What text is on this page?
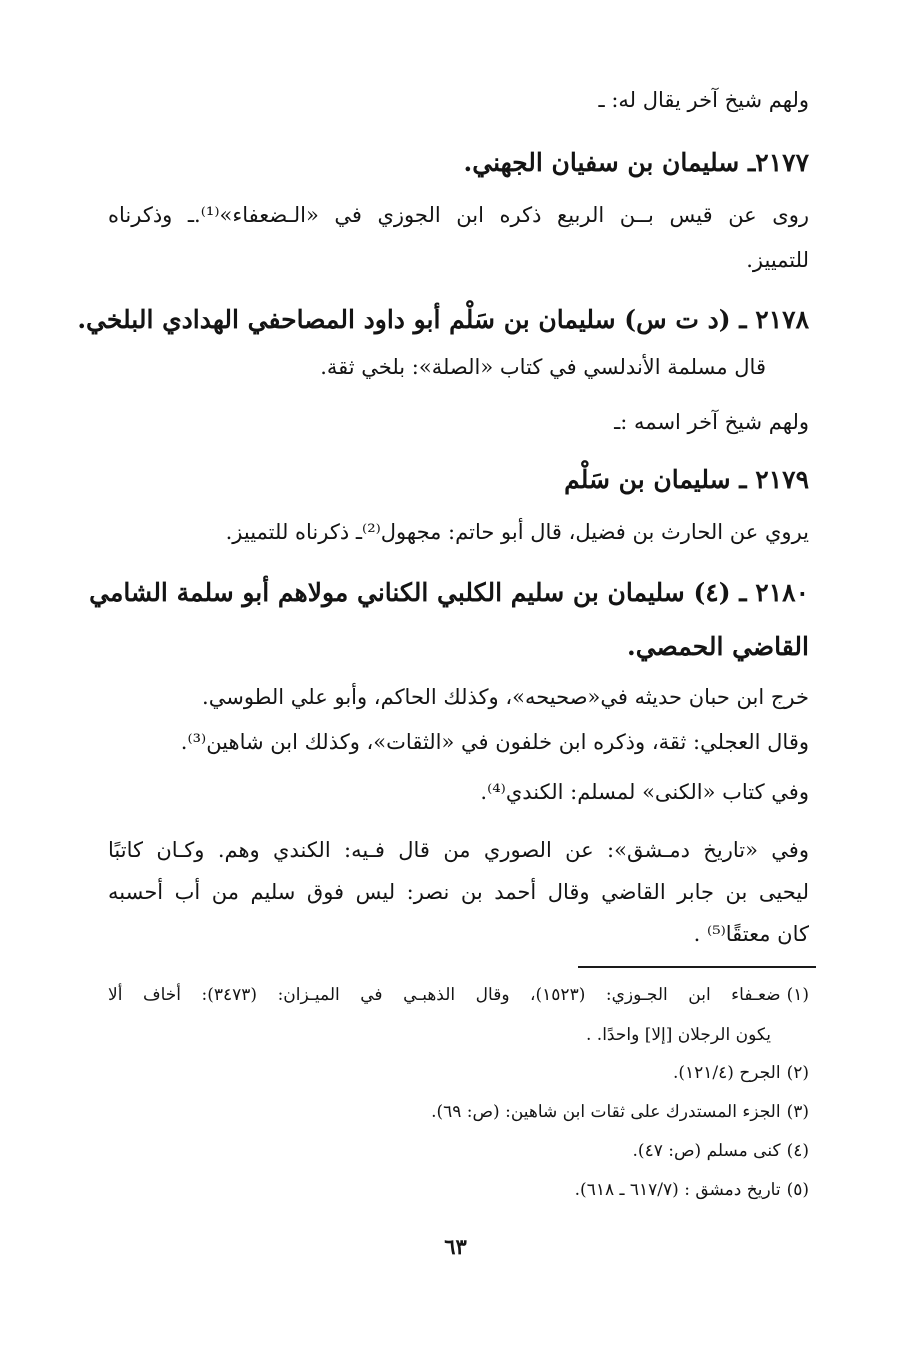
ولهم شيخ آخر يقال له: ـ
٢١٧٧ـ سليمان بن سفيان الجهني.
روى عن قيس بــن الربيع ذكره ابن الجوزي في «الـضعفاء»⁽¹⁾.ـ وذكرناه
للتمييز.
٢١٧٨ ـ (د ت س) سليمان بن سَلْم أبو داود المصاحفي الهدادي البلخي.
قال مسلمة الأندلسي في كتاب «الصلة»: بلخي ثقة.
ولهم شيخ آخر اسمه :ـ
٢١٧٩ ـ سليمان بن سَلْم
يروي عن الحارث بن فضيل، قال أبو حاتم: مجهول⁽²⁾ـ ذكرناه للتمييز.
٢١٨٠ ـ (٤) سليمان بن سليم الكلبي الكناني مولاهم أبو سلمة الشامي
القاضي الحمصي.
خرج ابن حبان حديثه في«صحيحه»، وكذلك الحاكم، وأبو علي الطوسي.
وقال العجلي: ثقة، وذكره ابن خلفون في «الثقات»، وكذلك ابن شاهين⁽³⁾.
وفي كتاب «الكنى» لمسلم: الكندي⁽⁴⁾.
وفي «تاريخ دمـشق»: عن الصوري من قال فـيه: الكندي وهم. وكـان كاتبًا
ليحيى بن جابر القاضي وقال أحمد بن نصر: ليس فوق سليم من أب أحسبه
كان معتقًا⁽⁵⁾ .
(١)ضعـفاء ابن الجـوزي: (١٥٢٣)، وقال الذهبـي في الميـزان: (٣٤٧٣): أخاف ألا
يكون الرجلان [إلا] واحدًا. .
(٢)الجرح (١٢١/٤).
(٣)الجزء المستدرك على ثقات ابن شاهين: (ص: ٦٩).
(٤)كنى مسلم (ص: ٤٧).
(٥)تاريخ دمشق : (٦١٧/٧ ـ ٦١٨).
٦٣
